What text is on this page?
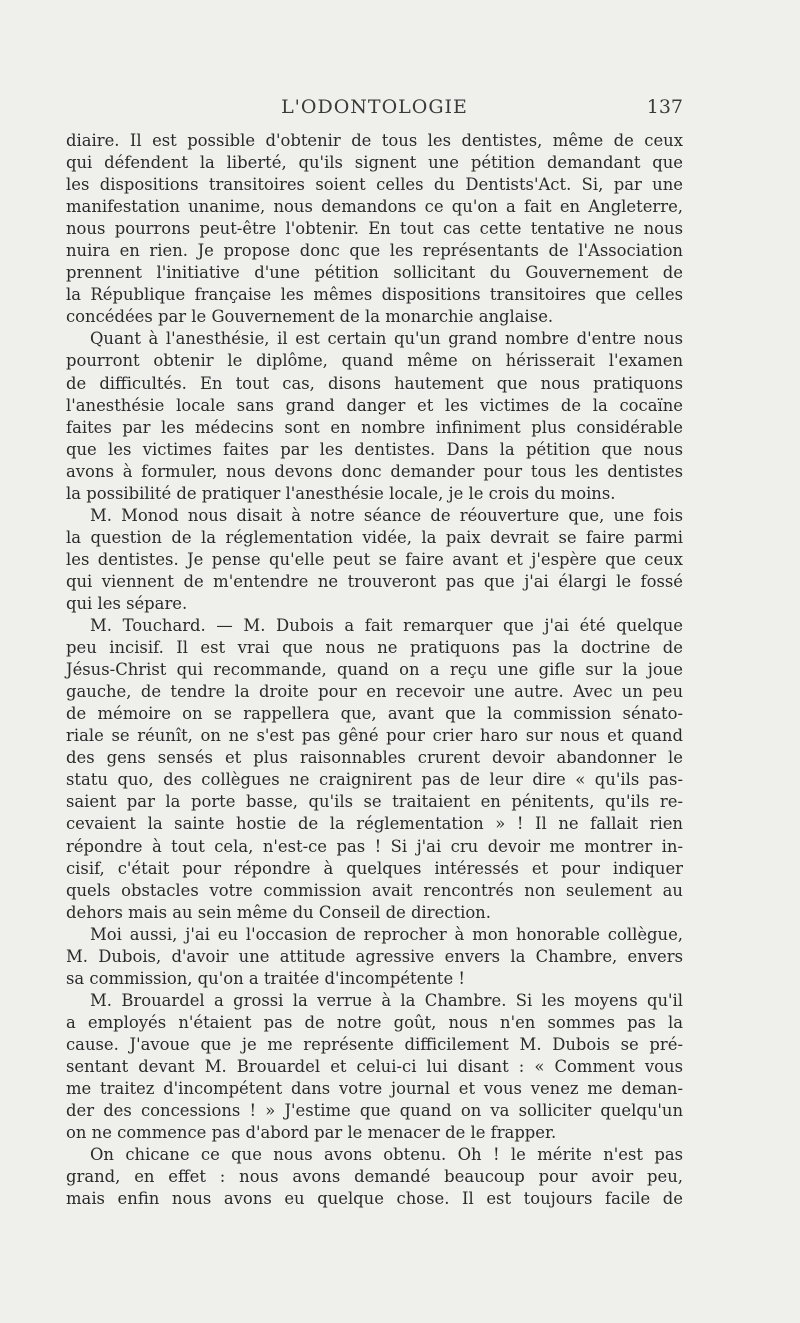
L'ODONTOLOGIE	137
diaire. Il est possible d'obtenir de tous les dentistes, même de ceux
qui défendent la liberté, qu'ils signent une pétition demandant que
les dispositions transitoires soient celles du Dentists'Act. Si, par une
manifestation unanime, nous demandons ce qu'on a fait en Angleterre,
nous pourrons peut-être l'obtenir. En tout cas cette tentative ne nous
nuira en rien. Je propose donc que les représentants de l'Association
prennent l'initiative d'une pétition sollicitant du Gouvernement de
la République française les mêmes dispositions transitoires que celles
concédées par le Gouvernement de la monarchie anglaise.
Quant à l'anesthésie, il est certain qu'un grand nombre d'entre nous
pourront obtenir le diplôme, quand même on hérisserait l'examen
de difficultés. En tout cas, disons hautement que nous pratiquons
l'anesthésie locale sans grand danger et les victimes de la cocaïne
faites par les médecins sont en nombre infiniment plus considérable
que les victimes faites par les dentistes. Dans la pétition que nous
avons à formuler, nous devons donc demander pour tous les dentistes
la possibilité de pratiquer l'anesthésie locale, je le crois du moins.
M. Monod nous disait à notre séance de réouverture que, une fois
la question de la réglementation vidée, la paix devrait se faire parmi
les dentistes. Je pense qu'elle peut se faire avant et j'espère que ceux
qui viennent de m'entendre ne trouveront pas que j'ai élargi le fossé
qui les sépare.
M. Touchard. — M. Dubois a fait remarquer que j'ai été quelque
peu incisif. Il est vrai que nous ne pratiquons pas la doctrine de
Jésus-Christ qui recommande, quand on a reçu une gifle sur la joue
gauche, de tendre la droite pour en recevoir une autre. Avec un peu
de mémoire on se rappellera que, avant que la commission sénato-
riale se réunît, on ne s'est pas gêné pour crier haro sur nous et quand
des gens sensés et plus raisonnables crurent devoir abandonner le
statu quo, des collègues ne craignirent pas de leur dire « qu'ils pas-
saient par la porte basse, qu'ils se traitaient en pénitents, qu'ils re-
cevaient la sainte hostie de la réglementation » ! Il ne fallait rien
répondre à tout cela, n'est-ce pas ! Si j'ai cru devoir me montrer in-
cisif, c'était pour répondre à quelques intéressés et pour indiquer
quels obstacles votre commission avait rencontrés non seulement au
dehors mais au sein même du Conseil de direction.
Moi aussi, j'ai eu l'occasion de reprocher à mon honorable collègue,
M. Dubois, d'avoir une attitude agressive envers la Chambre, envers
sa commission, qu'on a traitée d'incompétente !
M. Brouardel a grossi la verrue à la Chambre. Si les moyens qu'il
a employés n'étaient pas de notre goût, nous n'en sommes pas la
cause. J'avoue que je me représente difficilement M. Dubois se pré-
sentant devant M. Brouardel et celui-ci lui disant : « Comment vous
me traitez d'incompétent dans votre journal et vous venez me deman-
der des concessions ! » J'estime que quand on va solliciter quelqu'un
on ne commence pas d'abord par le menacer de le frapper.
On chicane ce que nous avons obtenu. Oh ! le mérite n'est pas
grand, en effet : nous avons demandé beaucoup pour avoir peu,
mais enfin nous avons eu quelque chose. Il est toujours facile de
